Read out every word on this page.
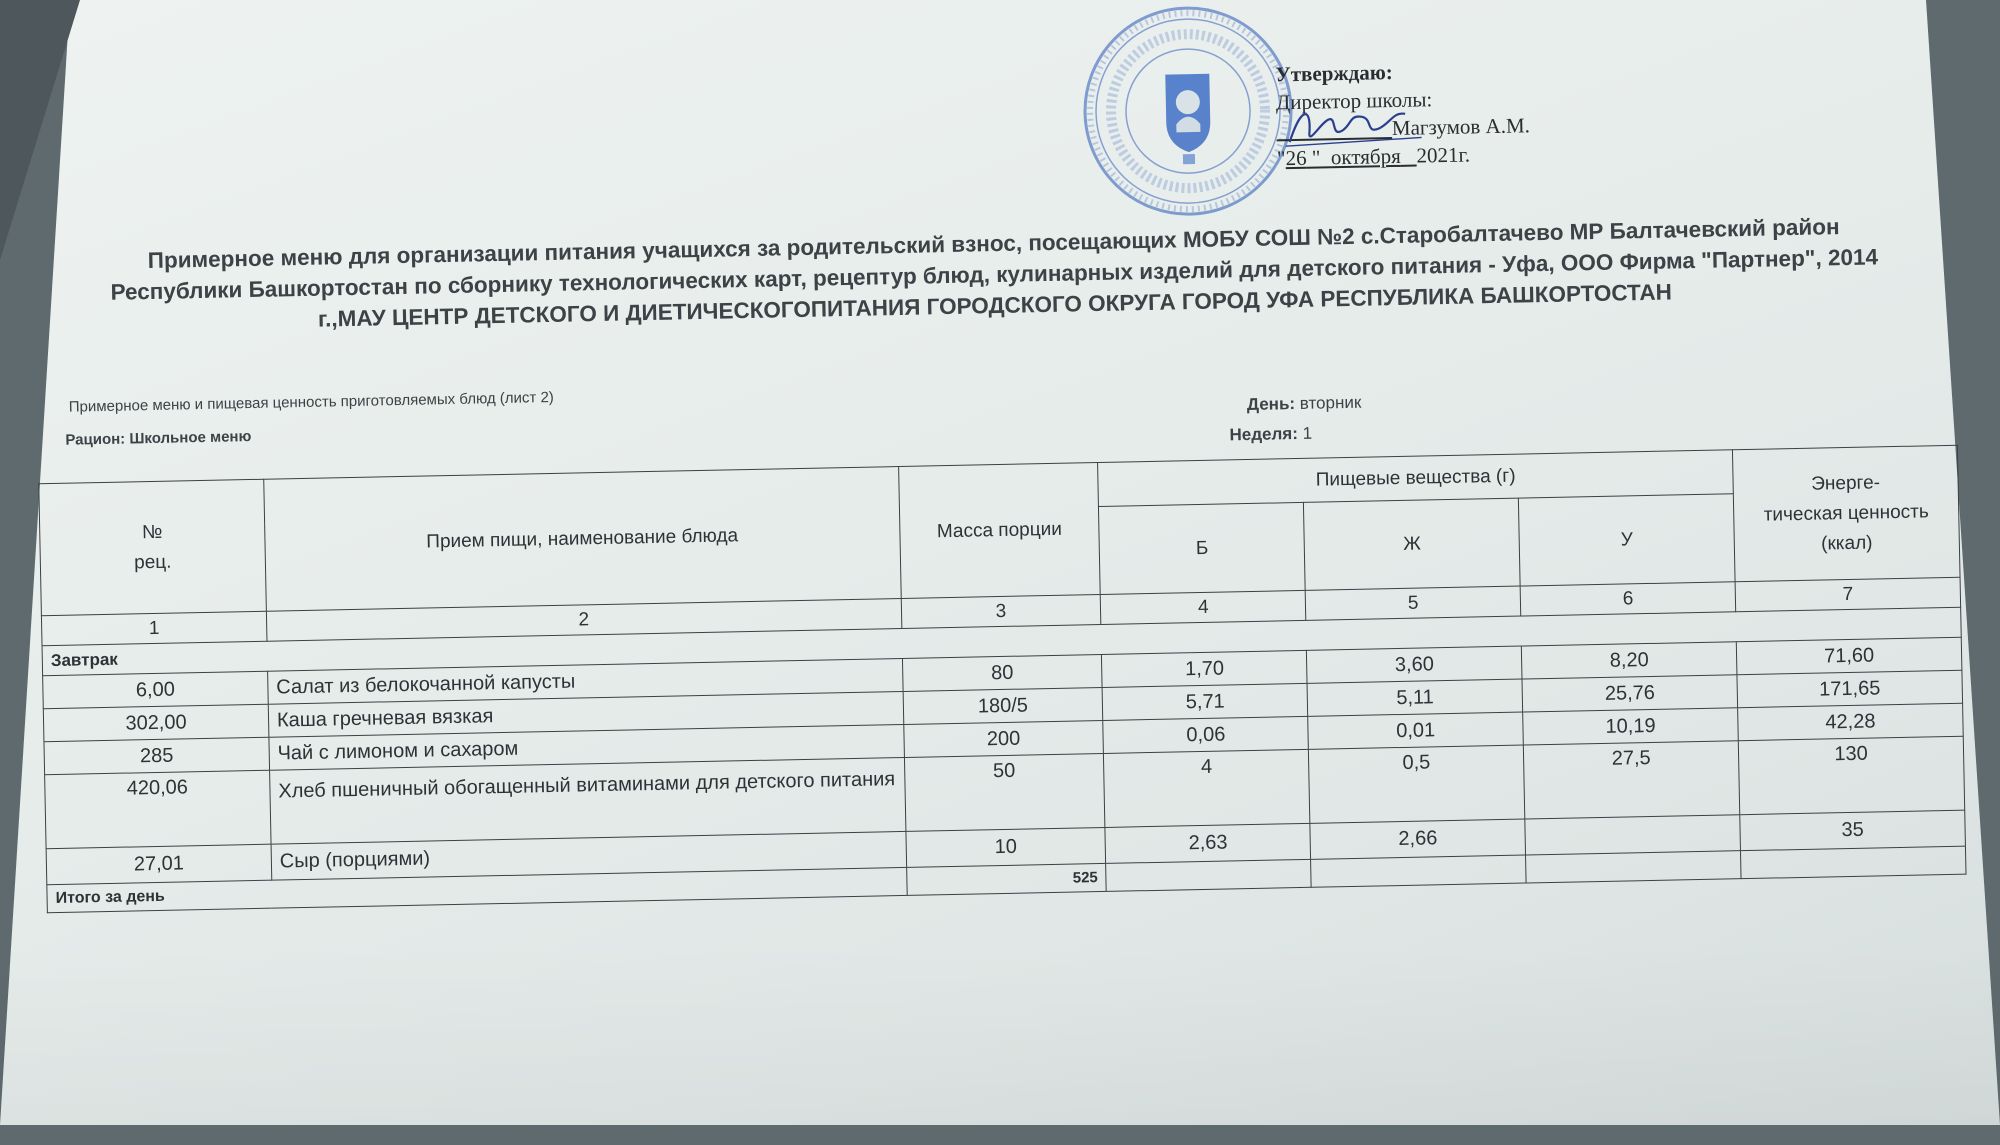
Утверждаю:
Директор школы:
Магзумов А.М.
"26 "  октября 2021г.
Примерное меню для организации питания учащихся за родительский взнос, посещающих МОБУ СОШ №2 с.Старобалтачево МР Балтачевский район Республики Башкортостан по сборнику технологических карт, рецептур блюд, кулинарных изделий для детского питания - Уфа, ООО Фирма "Партнер", 2014 г.,МАУ ЦЕНТР ДЕТСКОГО И ДИЕТИЧЕСКОГОПИТАНИЯ ГОРОДСКОГО ОКРУГА ГОРОД УФА РЕСПУБЛИКА БАШКОРТОСТАН
Примерное меню и пищевая ценность приготовляемых блюд (лист 2)
Рацион: Школьное меню
День: вторник
Неделя: 1
№
рец.	Прием пищи, наименование блюда	Масса порции	Пищевые вещества (г)			Энерге-
тическая ценность
(ккал)
			Б	Ж	У	
1	2	3	4	5	6	7
Завтрак						
6,00	Салат из белокочанной капусты	80	1,70	3,60	8,20	71,60
302,00	Каша гречневая вязкая	180/5	5,71	5,11	25,76	171,65
285	Чай с лимоном и сахаром	200	0,06	0,01	10,19	42,28
420,06	Хлеб пшеничный обогащенный витаминами для детского питания	50	4	0,5	27,5	130
27,01	Сыр (порциями)	10	2,63	2,66		35
Итого за день		525				
